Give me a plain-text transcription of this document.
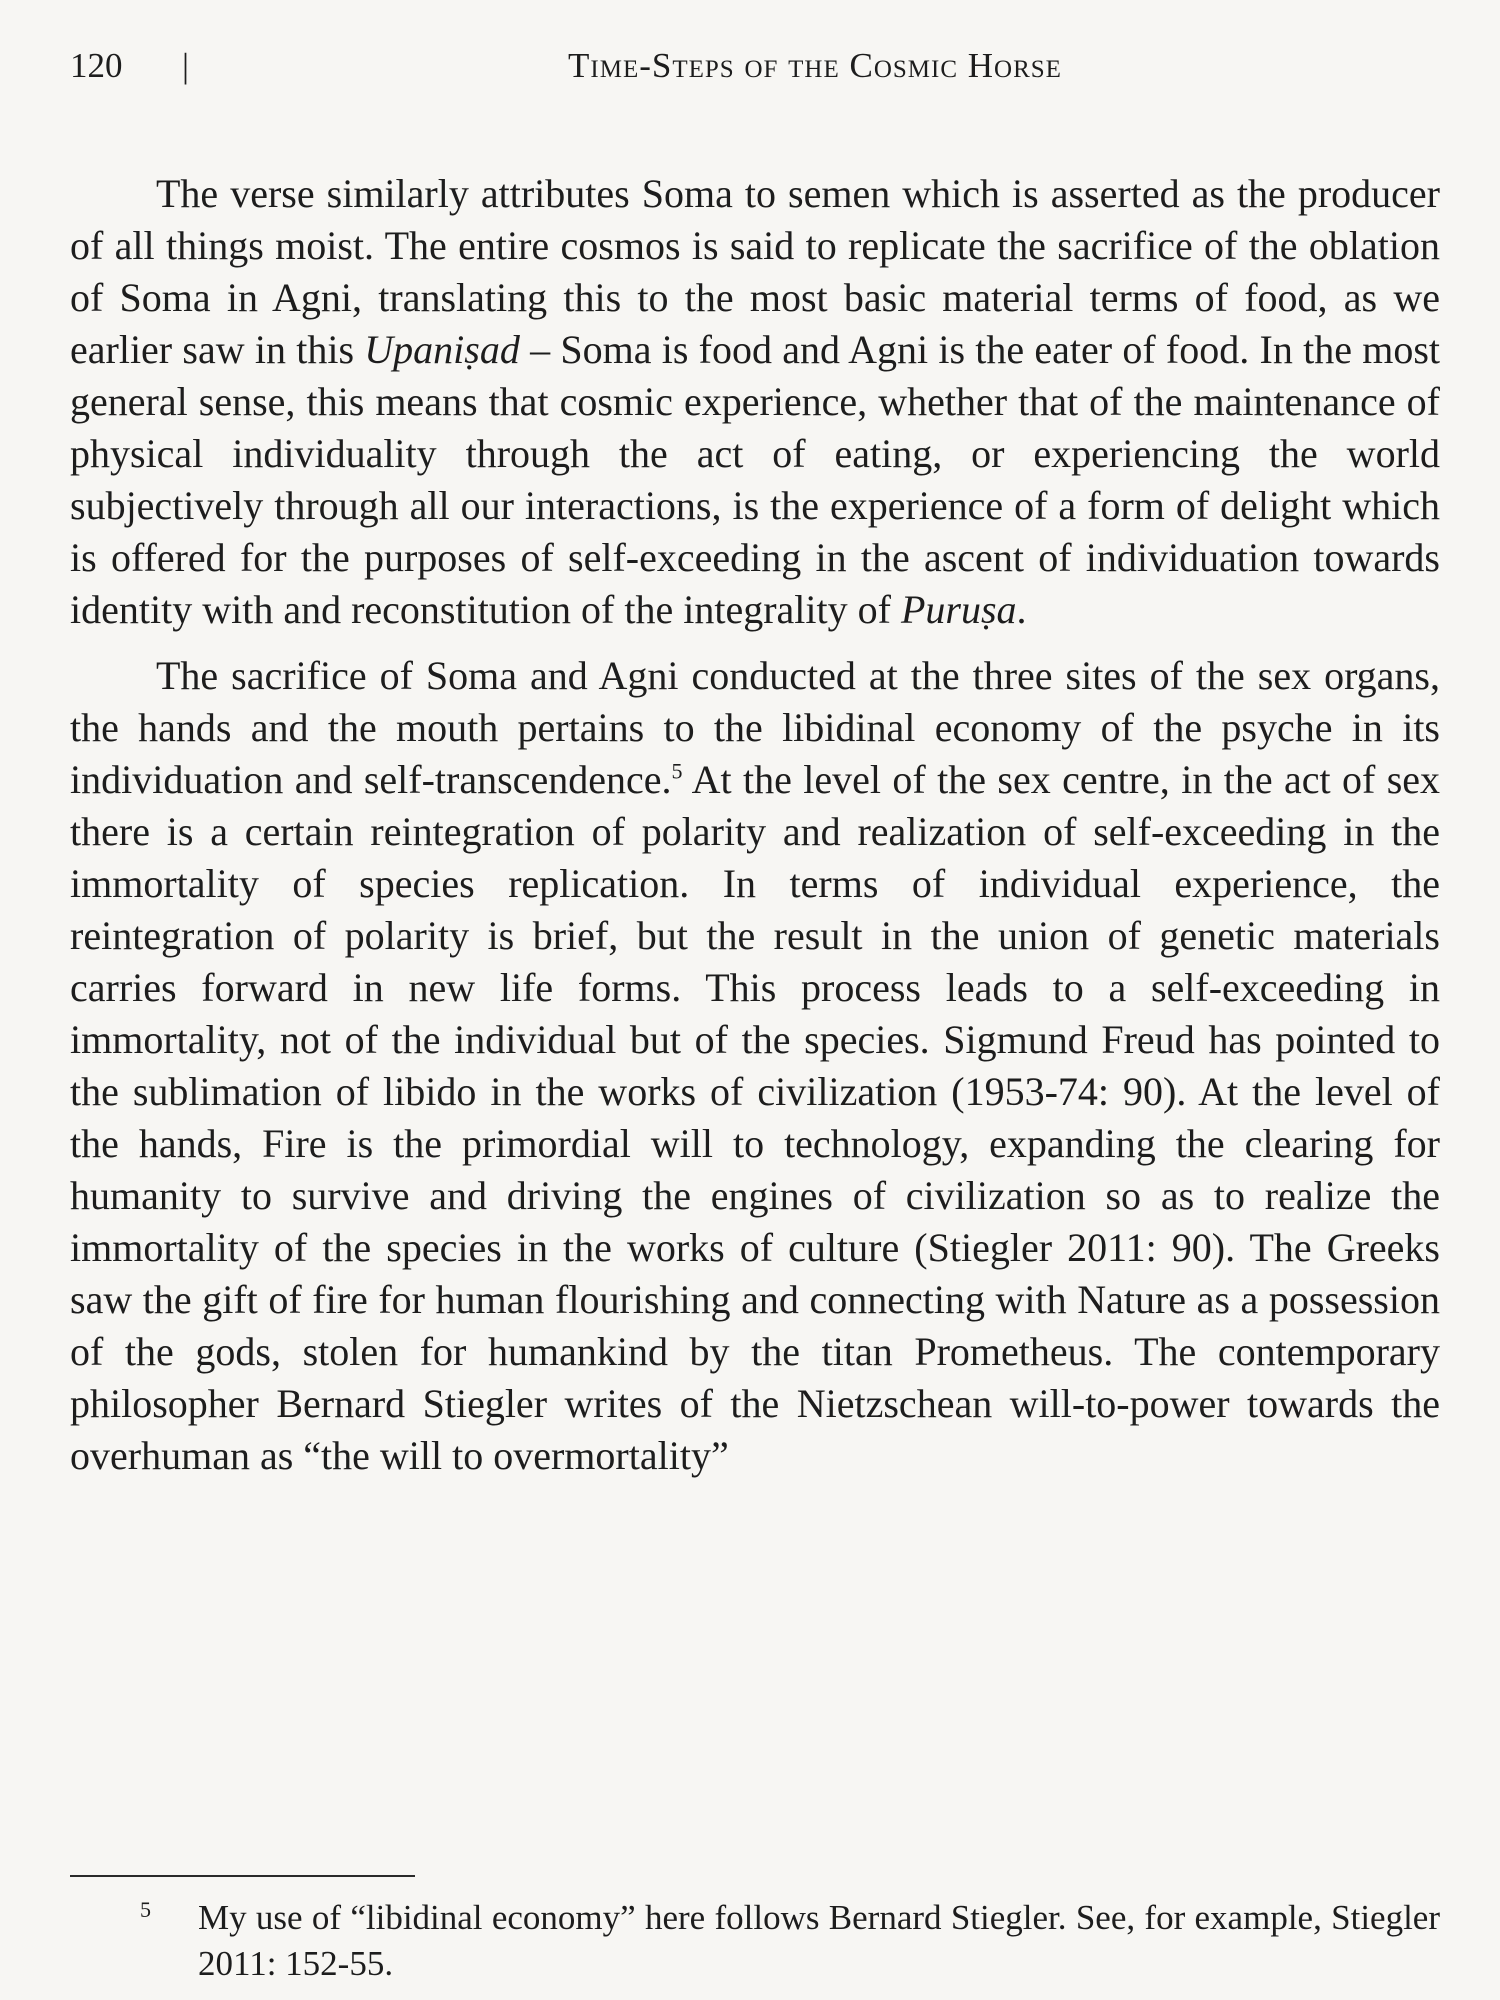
120 |	Time-Steps of the Cosmic Horse

The verse similarly attributes Soma to semen which is asserted as the producer of all things moist. The entire cosmos is said to replicate the sacrifice of the oblation of Soma in Agni, translating this to the most basic material terms of food, as we earlier saw in this Upaniṣad – Soma is food and Agni is the eater of food. In the most general sense, this means that cosmic experience, whether that of the maintenance of physical individuality through the act of eating, or experiencing the world subjectively through all our interactions, is the experience of a form of delight which is offered for the purposes of self-exceeding in the ascent of individuation towards identity with and reconstitution of the integrality of Puruṣa.

The sacrifice of Soma and Agni conducted at the three sites of the sex organs, the hands and the mouth pertains to the libidinal economy of the psyche in its individuation and self-transcendence.$^5$ At the level of the sex centre, in the act of sex there is a certain reintegration of polarity and realization of self-exceeding in the immortality of species replication. In terms of individual experience, the reintegration of polarity is brief, but the result in the union of genetic materials carries forward in new life forms. This process leads to a self-exceeding in immortality, not of the individual but of the species. Sigmund Freud has pointed to the sublimation of libido in the works of civilization (1953-74: 90). At the level of the hands, Fire is the primordial will to technology, expanding the clearing for humanity to survive and driving the engines of civilization so as to realize the immortality of the species in the works of culture (Stiegler 2011: 90). The Greeks saw the gift of fire for human flourishing and connecting with Nature as a possession of the gods, stolen for humankind by the titan Prometheus. The contemporary philosopher Bernard Stiegler writes of the Nietzschean will-to-power towards the overhuman as “the will to overmortality”

5 My use of “libidinal economy” here follows Bernard Stiegler. See, for example, Stiegler 2011: 152-55.
